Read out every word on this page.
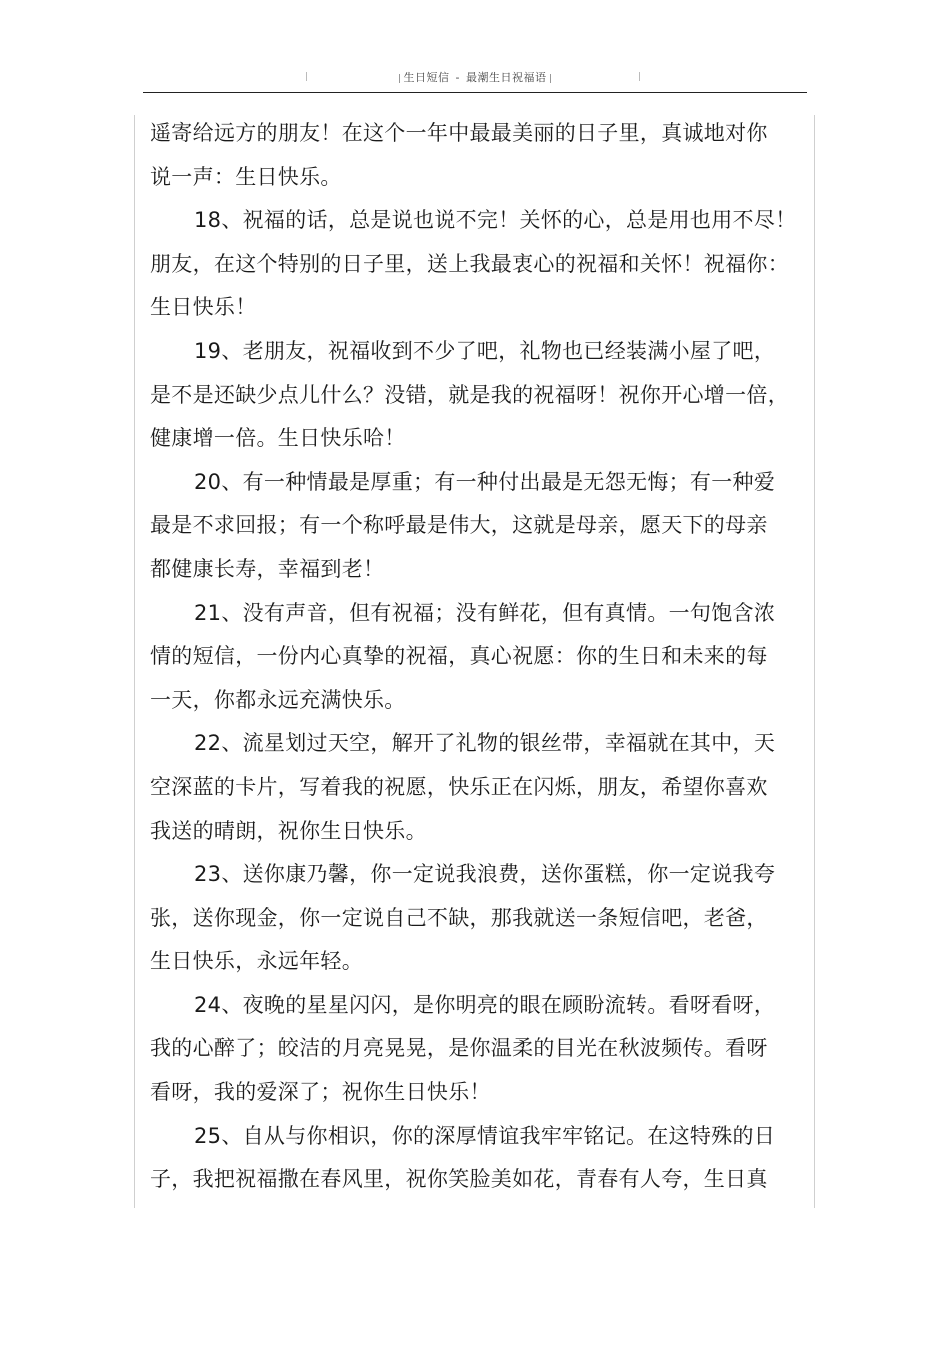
生日短信 - 最潮生日祝福语
遥寄给远方的朋友！在这个一年中最最美丽的日子里，真诚地对你
说一声：生日快乐。
18、祝福的话，总是说也说不完！关怀的心，总是用也用不尽！
朋友，在这个特别的日子里，送上我最衷心的祝福和关怀！祝福你：
生日快乐！
19、老朋友，祝福收到不少了吧，礼物也已经装满小屋了吧，
是不是还缺少点儿什么？没错，就是我的祝福呀！祝你开心增一倍，
健康增一倍。生日快乐哈！
20、有一种情最是厚重；有一种付出最是无怨无悔；有一种爱
最是不求回报；有一个称呼最是伟大，这就是母亲，愿天下的母亲
都健康长寿，幸福到老！
21、没有声音，但有祝福；没有鲜花，但有真情。一句饱含浓
情的短信，一份内心真挚的祝福，真心祝愿：你的生日和未来的每
一天，你都永远充满快乐。
22、流星划过天空，解开了礼物的银丝带，幸福就在其中，天
空深蓝的卡片，写着我的祝愿，快乐正在闪烁，朋友，希望你喜欢
我送的晴朗，祝你生日快乐。
23、送你康乃馨，你一定说我浪费，送你蛋糕，你一定说我夸
张，送你现金，你一定说自己不缺，那我就送一条短信吧，老爸，
生日快乐，永远年轻。
24、夜晚的星星闪闪，是你明亮的眼在顾盼流转。看呀看呀，
我的心醉了；皎洁的月亮晃晃，是你温柔的目光在秋波频传。看呀
看呀，我的爱深了；祝你生日快乐！
25、自从与你相识，你的深厚情谊我牢牢铭记。在这特殊的日
子，我把祝福撒在春风里，祝你笑脸美如花，青春有人夸，生日真
